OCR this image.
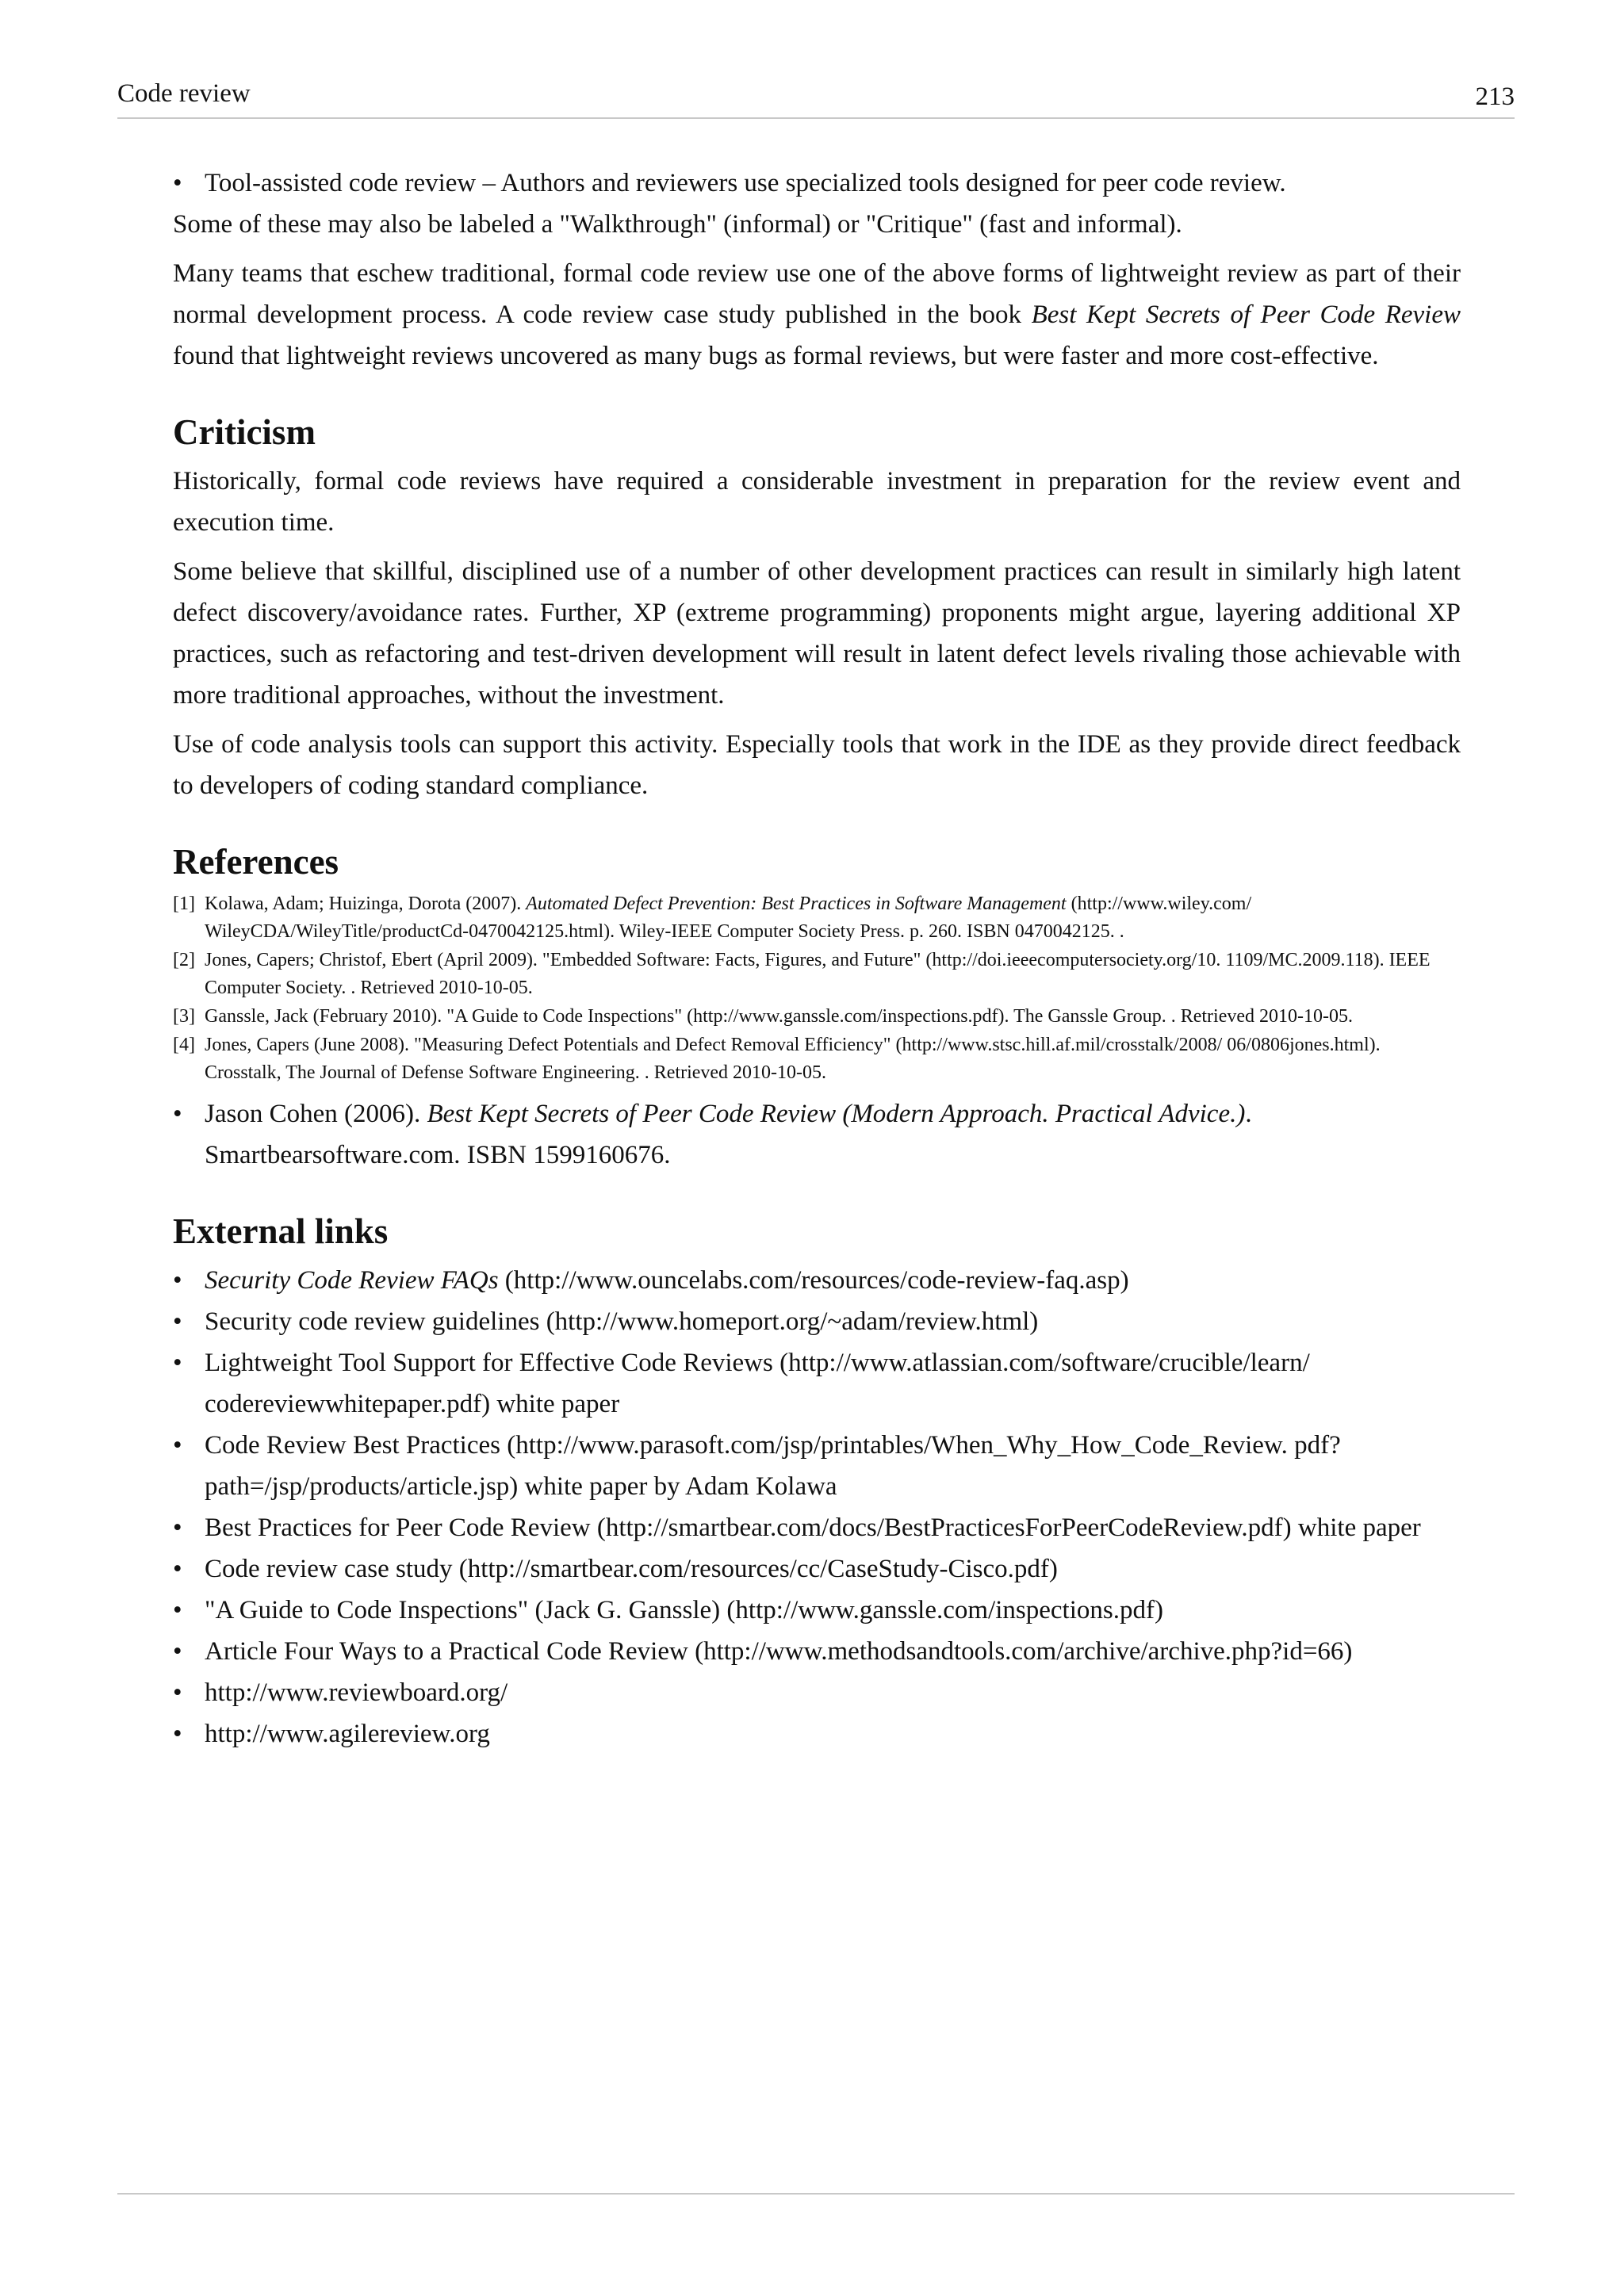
Code review	213
• Tool-assisted code review – Authors and reviewers use specialized tools designed for peer code review.

Some of these may also be labeled a "Walkthrough" (informal) or "Critique" (fast and informal).

Many teams that eschew traditional, formal code review use one of the above forms of lightweight review as part of their normal development process. A code review case study published in the book Best Kept Secrets of Peer Code Review found that lightweight reviews uncovered as many bugs as formal reviews, but were faster and more cost-effective.

Criticism

Historically, formal code reviews have required a considerable investment in preparation for the review event and execution time.

Some believe that skillful, disciplined use of a number of other development practices can result in similarly high latent defect discovery/avoidance rates. Further, XP (extreme programming) proponents might argue, layering additional XP practices, such as refactoring and test-driven development will result in latent defect levels rivaling those achievable with more traditional approaches, without the investment.

Use of code analysis tools can support this activity. Especially tools that work in the IDE as they provide direct feedback to developers of coding standard compliance.

References
[1] Kolawa, Adam; Huizinga, Dorota (2007). Automated Defect Prevention: Best Practices in Software Management (http://www.wiley.com/ WileyCDA/WileyTitle/productCd-0470042125.html). Wiley-IEEE Computer Society Press. p. 260. ISBN 0470042125. .
[2] Jones, Capers; Christof, Ebert (April 2009). "Embedded Software: Facts, Figures, and Future" (http://doi.ieeecomputersociety.org/10. 1109/MC.2009.118). IEEE Computer Society. . Retrieved 2010-10-05.
[3] Ganssle, Jack (February 2010). "A Guide to Code Inspections" (http://www.ganssle.com/inspections.pdf). The Ganssle Group. . Retrieved 2010-10-05.
[4] Jones, Capers (June 2008). "Measuring Defect Potentials and Defect Removal Efficiency" (http://www.stsc.hill.af.mil/crosstalk/2008/ 06/0806jones.html). Crosstalk, The Journal of Defense Software Engineering. . Retrieved 2010-10-05.
• Jason Cohen (2006). Best Kept Secrets of Peer Code Review (Modern Approach. Practical Advice.). Smartbearsoftware.com. ISBN 1599160676.
External links
• Security Code Review FAQs (http://www.ouncelabs.com/resources/code-review-faq.asp)
• Security code review guidelines (http://www.homeport.org/~adam/review.html)
• Lightweight Tool Support for Effective Code Reviews (http://www.atlassian.com/software/crucible/learn/ codereviewwhitepaper.pdf) white paper
• Code Review Best Practices (http://www.parasoft.com/jsp/printables/When_Why_How_Code_Review. pdf?path=/jsp/products/article.jsp) white paper by Adam Kolawa
• Best Practices for Peer Code Review (http://smartbear.com/docs/BestPracticesForPeerCodeReview.pdf) white paper
• Code review case study (http://smartbear.com/resources/cc/CaseStudy-Cisco.pdf)
• "A Guide to Code Inspections" (Jack G. Ganssle) (http://www.ganssle.com/inspections.pdf)
• Article Four Ways to a Practical Code Review (http://www.methodsandtools.com/archive/archive.php?id=66)
• http://www.reviewboard.org/
• http://www.agilereview.org
